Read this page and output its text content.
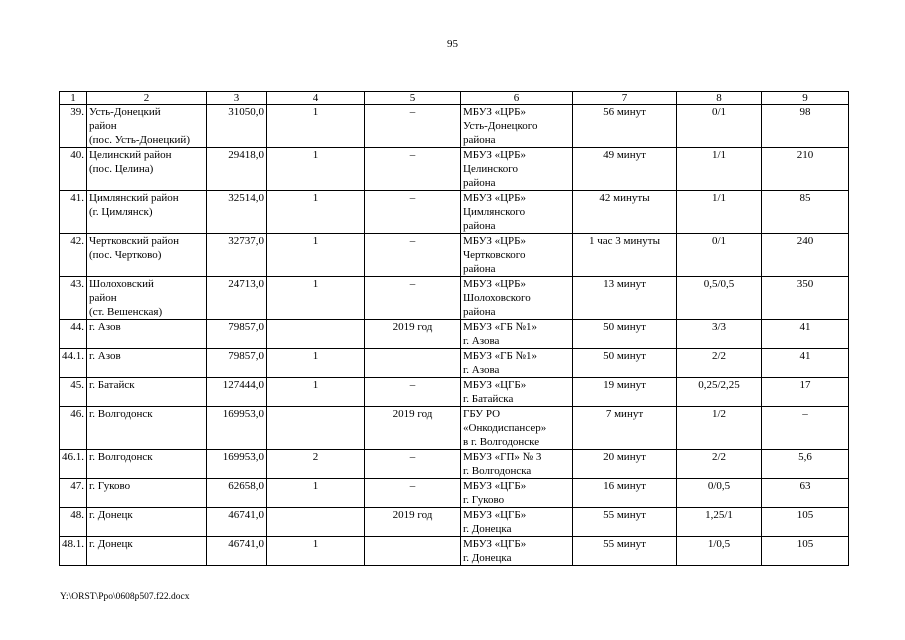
95
1	2	3	4	5	6	7	8	9
39.	Усть-Донецкий
район
(пос. Усть-Донецкий)	31050,0	1	–	МБУЗ «ЦРБ»
Усть-Донецкого
района	56 минут	0/1	98
40.	Целинский район
(пос. Целина)	29418,0	1	–	МБУЗ «ЦРБ»
Целинского
района	49 минут	1/1	210
41.	Цимлянский район
(г. Цимлянск)	32514,0	1	–	МБУЗ «ЦРБ»
Цимлянского
района	42 минуты	1/1	85
42.	Чертковский район
(пос. Чертково)	32737,0	1	–	МБУЗ «ЦРБ»
Чертковского
района	1 час 3 минуты	0/1	240
43.	Шолоховский
район
(ст. Вешенская)	24713,0	1	–	МБУЗ «ЦРБ»
Шолоховского
района	13 минут	0,5/0,5	350
44.	г. Азов	79857,0		2019 год	МБУЗ «ГБ №1»
г. Азова	50 минут	3/3	41
44.1.	г. Азов	79857,0	1		МБУЗ «ГБ №1»
г. Азова	50 минут	2/2	41
45.	г. Батайск	127444,0	1	–	МБУЗ «ЦГБ»
г. Батайска	19 минут	0,25/2,25	17
46.	г. Волгодонск	169953,0		2019 год	ГБУ РО
«Онкодиспансер»
в г. Волгодонске	7 минут	1/2	–
46.1.	г. Волгодонск	169953,0	2	–	МБУЗ «ГП» № 3
г. Волгодонска	20 минут	2/2	5,6
47.	г. Гуково	62658,0	1	–	МБУЗ «ЦГБ»
г. Гуково	16 минут	0/0,5	63
48.	г. Донецк	46741,0		2019 год	МБУЗ «ЦГБ»
г. Донецка	55 минут	1,25/1	105
48.1.	г. Донецк	46741,0	1		МБУЗ «ЦГБ»
г. Донецка	55 минут	1/0,5	105
Y:\ORST\Ppo\0608p507.f22.docx
